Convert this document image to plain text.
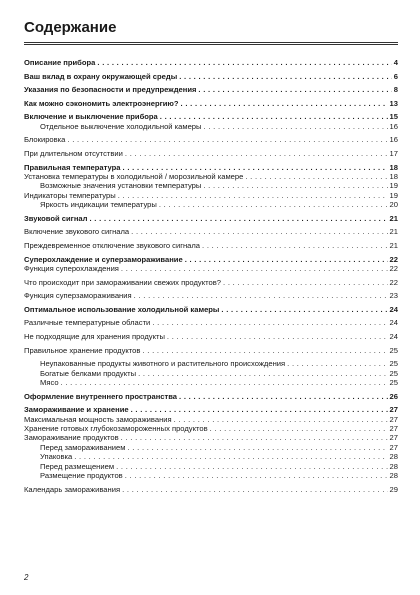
Содержание
Описание прибора . . .	4
Ваш вклад в охрану окружающей среды . . .	6
Указания по безопасности и предупреждения . . .	8
Как можно сэкономить электроэнергию? . . .	13
Включение и выключение прибора . . .	15
Отдельное выключение холодильной камеры . . .	16
Блокировка . . .	16
При длительном отсутствии . . .	17
Правильная температура . . .	18
Установка температуры в холодильной / морозильной камере . . .	18
Возможные значения установки температуры . . .	19
Индикаторы температуры . . .	19
Яркость индикации температуры . . .	20
Звуковой сигнал . . .	21
Включение звукового сигнала . . .	21
Преждевременное отключение звукового сигнала . . .	21
Суперохлаждение и суперзамораживание . . .	22
Функция суперохлаждения . . .	22
Что происходит при замораживании свежих продуктов? . . .	22
Функция суперзамораживания . . .	23
Оптимальное использование холодильной камеры . . .	24
Различные температурные области . . .	24
Не подходящие для хранения продукты . . .	24
Правильное хранение продуктов . . .	25
Неупакованные продукты животного и растительного происхождения . . .	25
Богатые белками продукты . . .	25
Мясо . . .	25
Оформление внутреннего пространства . . .	26
Замораживание и хранение . . .	27
Максимальная мощность замораживания . . .	27
Хранение готовых глубокозамороженных продуктов . . .	27
Замораживание продуктов . . .	27
Перед замораживанием . . .	27
Упаковка . . .	28
Перед размещением . . .	28
Размещение продуктов . . .	28
Календарь замораживания . . .	29
2
